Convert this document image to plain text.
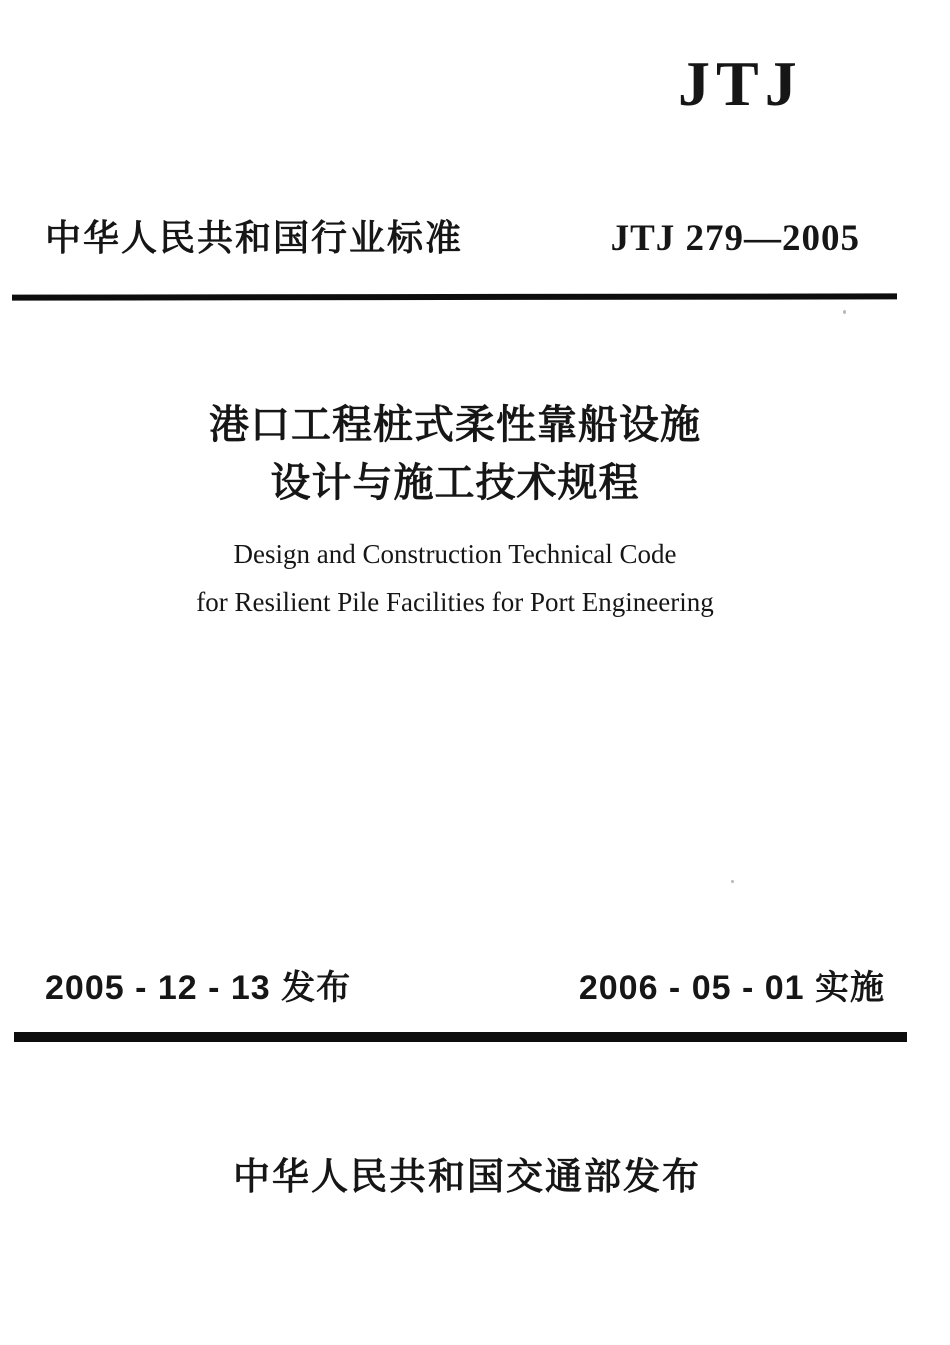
JTJ
中华人民共和国行业标准	JTJ 279—2005
港口工程桩式柔性靠船设施
设计与施工技术规程
Design and Construction Technical Code
for Resilient Pile Facilities for Port Engineering
2005 - 12 - 13 发布	2006 - 05 - 01 实施
中华人民共和国交通部发布
